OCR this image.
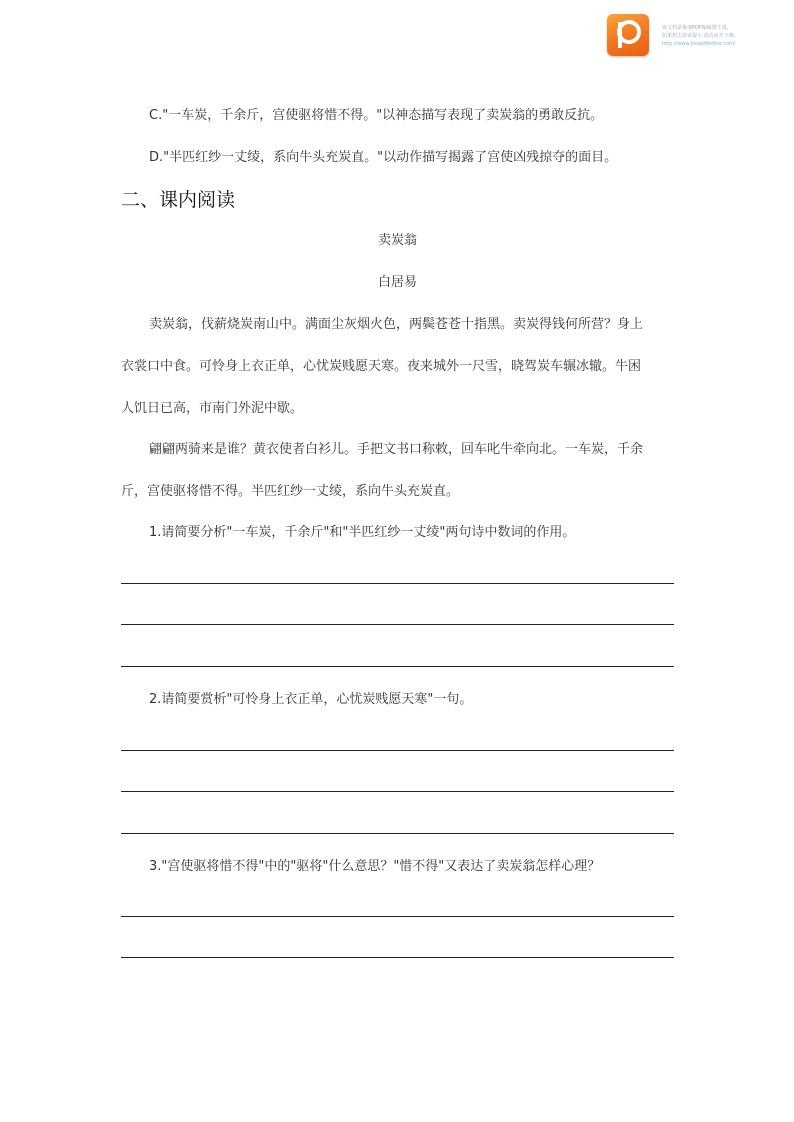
该文档是极速PDF编辑器生成,
如果想去掉该提示,请访问并下载:
http://www.jisupdfeditor.com/
C."一车炭，千余斤，宫使驱将惜不得。"以神态描写表现了卖炭翁的勇敢反抗。
D."半匹红纱一丈绫，系向牛头充炭直。"以动作描写揭露了宫使凶残掠夺的面目。
二、课内阅读
卖炭翁
白居易
卖炭翁，伐薪烧炭南山中。满面尘灰烟火色，两鬓苍苍十指黑。卖炭得钱何所营？身上
衣裳口中食。可怜身上衣正单，心忧炭贱愿天寒。夜来城外一尺雪，晓驾炭车辗冰辙。牛困
人饥日已高，市南门外泥中歇。
翩翩两骑来是谁？黄衣使者白衫儿。手把文书口称敕，回车叱牛牵向北。一车炭，千余
斤，宫使驱将惜不得。半匹红纱一丈绫，系向牛头充炭直。
1.请简要分析"一车炭，千余斤"和"半匹红纱一丈绫"两句诗中数词的作用。
2.请简要赏析"可怜身上衣正单，心忧炭贱愿天寒"一句。
3."宫使驱将惜不得"中的"驱将"什么意思？"惜不得"又表达了卖炭翁怎样心理？
